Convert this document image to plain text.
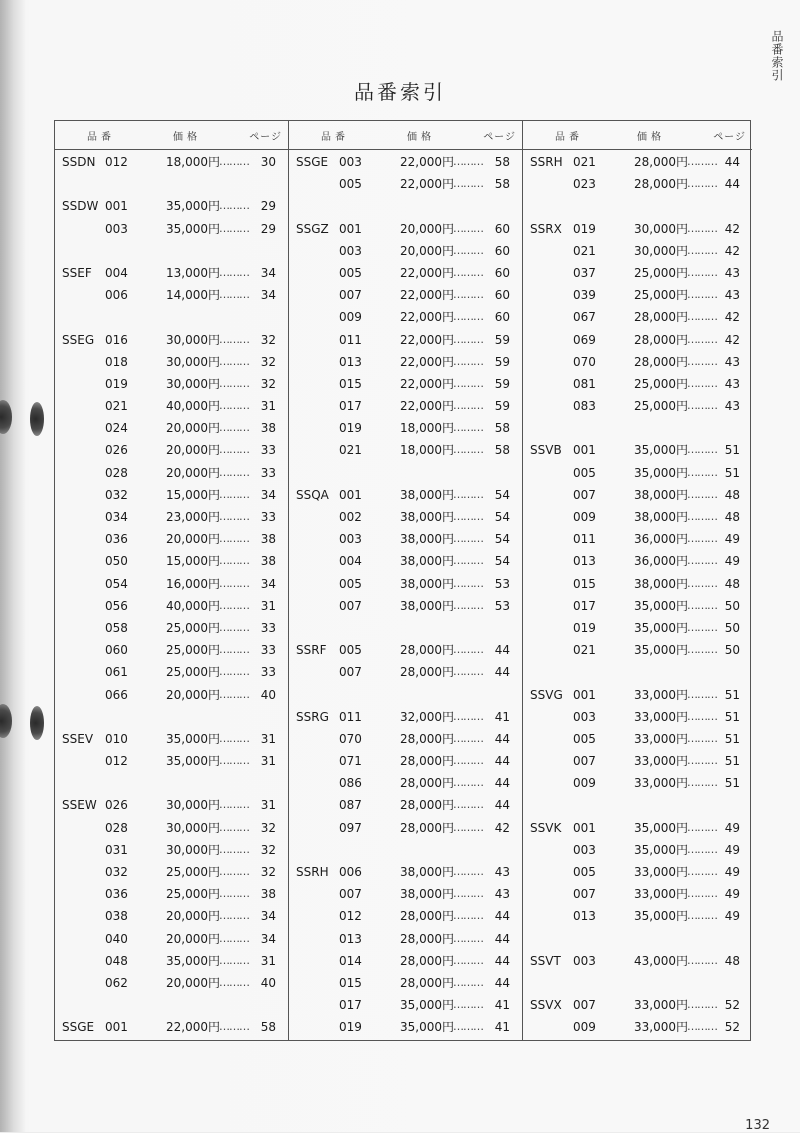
品番索引
品番索引
品番	価格	ページ
SSDN 012	18,000円 ……… 30
SSDW 001	35,000円 ……… 29
003	35,000円 ……… 29
SSEF 004	13,000円 ……… 34
006	14,000円 ……… 34
SSEG 016	30,000円 ……… 32
018	30,000円 ……… 32
019	30,000円 ……… 32
021	40,000円 ……… 31
024	20,000円 ……… 38
026	20,000円 ……… 33
028	20,000円 ……… 33
032	15,000円 ……… 34
034	23,000円 ……… 33
036	20,000円 ……… 38
050	15,000円 ……… 38
054	16,000円 ……… 34
056	40,000円 ……… 31
058	25,000円 ……… 33
060	25,000円 ……… 33
061	25,000円 ……… 33
066	20,000円 ……… 40
SSEV 010	35,000円 ……… 31
012	35,000円 ……… 31
SSEW 026	30,000円 ……… 31
028	30,000円 ……… 32
031	30,000円 ……… 32
032	25,000円 ……… 32
036	25,000円 ……… 38
038	20,000円 ……… 34
040	20,000円 ……… 34
048	35,000円 ……… 31
062	20,000円 ……… 40
SSGE 001	22,000円 ……… 58
品番	価格	ページ
SSGE 003	22,000円 ……… 58
005	22,000円 ……… 58
SSGZ 001	20,000円 ……… 60
003	20,000円 ……… 60
005	22,000円 ……… 60
007	22,000円 ……… 60
009	22,000円 ……… 60
011	22,000円 ……… 59
013	22,000円 ……… 59
015	22,000円 ……… 59
017	22,000円 ……… 59
019	18,000円 ……… 58
021	18,000円 ……… 58
SSQA 001	38,000円 ……… 54
002	38,000円 ……… 54
003	38,000円 ……… 54
004	38,000円 ……… 54
005	38,000円 ……… 53
007	38,000円 ……… 53
SSRF 005	28,000円 ……… 44
007	28,000円 ……… 44
SSRG 011	32,000円 ……… 41
070	28,000円 ……… 44
071	28,000円 ……… 44
086	28,000円 ……… 44
087	28,000円 ……… 44
097	28,000円 ……… 42
SSRH 006	38,000円 ……… 43
007	38,000円 ……… 43
012	28,000円 ……… 44
013	28,000円 ……… 44
014	28,000円 ……… 44
015	28,000円 ……… 44
017	35,000円 ……… 41
019	35,000円 ……… 41
品番	価格	ページ
SSRH 021	28,000円 ……… 44
023	28,000円 ……… 44
SSRX 019	30,000円 ……… 42
021	30,000円 ……… 42
037	25,000円 ……… 43
039	25,000円 ……… 43
067	28,000円 ……… 42
069	28,000円 ……… 42
070	28,000円 ……… 43
081	25,000円 ……… 43
083	25,000円 ……… 43
SSVB 001	35,000円 ……… 51
005	35,000円 ……… 51
007	38,000円 ……… 48
009	38,000円 ……… 48
011	36,000円 ……… 49
013	36,000円 ……… 49
015	38,000円 ……… 48
017	35,000円 ……… 50
019	35,000円 ……… 50
021	35,000円 ……… 50
SSVG 001	33,000円 ……… 51
003	33,000円 ……… 51
005	33,000円 ……… 51
007	33,000円 ……… 51
009	33,000円 ……… 51
SSVK 001	35,000円 ……… 49
003	35,000円 ……… 49
005	33,000円 ……… 49
007	33,000円 ……… 49
013	35,000円 ……… 49
SSVT 003	43,000円 ……… 48
SSVX 007	33,000円 ……… 52
009	33,000円 ……… 52
132
